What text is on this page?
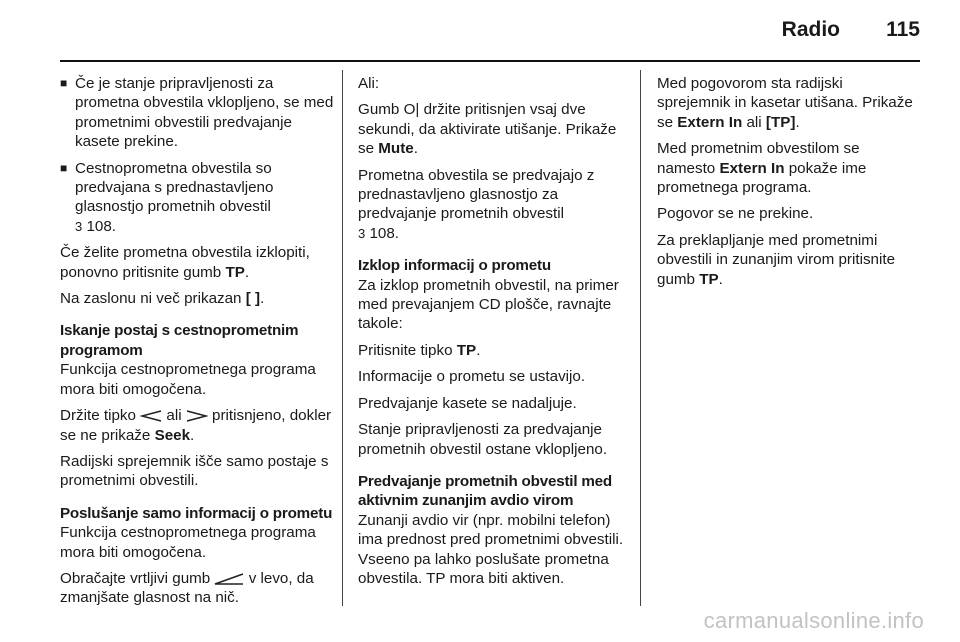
Radio 115
■ Če je stanje pripravljenosti za prometna obvestila vklopljeno, se med prometnimi obvestili predvajanje kasete prekine.
■ Cestnoprometna obvestila so predvajana s prednastavljeno glasnostjo prometnih obvestil
3 108.

Če želite prometna obvestila izklopiti, ponovno pritisnite gumb TP.

Na zaslonu ni več prikazan [ ].

Iskanje postaj s cestnoprometnim programom

Funkcija cestnoprometnega programa mora biti omogočena.

Držite tipko  ali  pritisnjeno, dokler se ne prikaže Seek.

Radijski sprejemnik išče samo postaje s prometnimi obvestili.

Poslušanje samo informacij o prometu

Funkcija cestnoprometnega programa mora biti omogočena.

Obračajte vrtljivi gumb  v levo, da zmanjšate glasnost na nič.

Ali:

Gumb O| držite pritisnjen vsaj dve sekundi, da aktivirate utišanje. Prikaže se Mute.

Prometna obvestila se predvajajo z prednastavljeno glasnostjo za predvajanje prometnih obvestil
3 108.

Izklop informacij o prometu

Za izklop prometnih obvestil, na primer med prevajanjem CD plošče, ravnajte takole:

Pritisnite tipko TP.

Informacije o prometu se ustavijo.

Predvajanje kasete se nadaljuje.

Stanje pripravljenosti za predvajanje prometnih obvestil ostane vklopljeno.

Predvajanje prometnih obvestil med aktivnim zunanjim avdio virom

Zunanji avdio vir (npr. mobilni telefon) ima prednost pred prometnimi obvestili. Vseeno pa lahko poslušate prometna obvestila. TP mora biti aktiven.

Med pogovorom sta radijski sprejemnik in kasetar utišana. Prikaže se Extern In ali [TP].

Med prometnim obvestilom se namesto Extern In pokaže ime prometnega programa.

Pogovor se ne prekine.

Za preklapljanje med prometnimi obvestili in zunanjim virom pritisnite gumb TP.

carmanualsonline.info
